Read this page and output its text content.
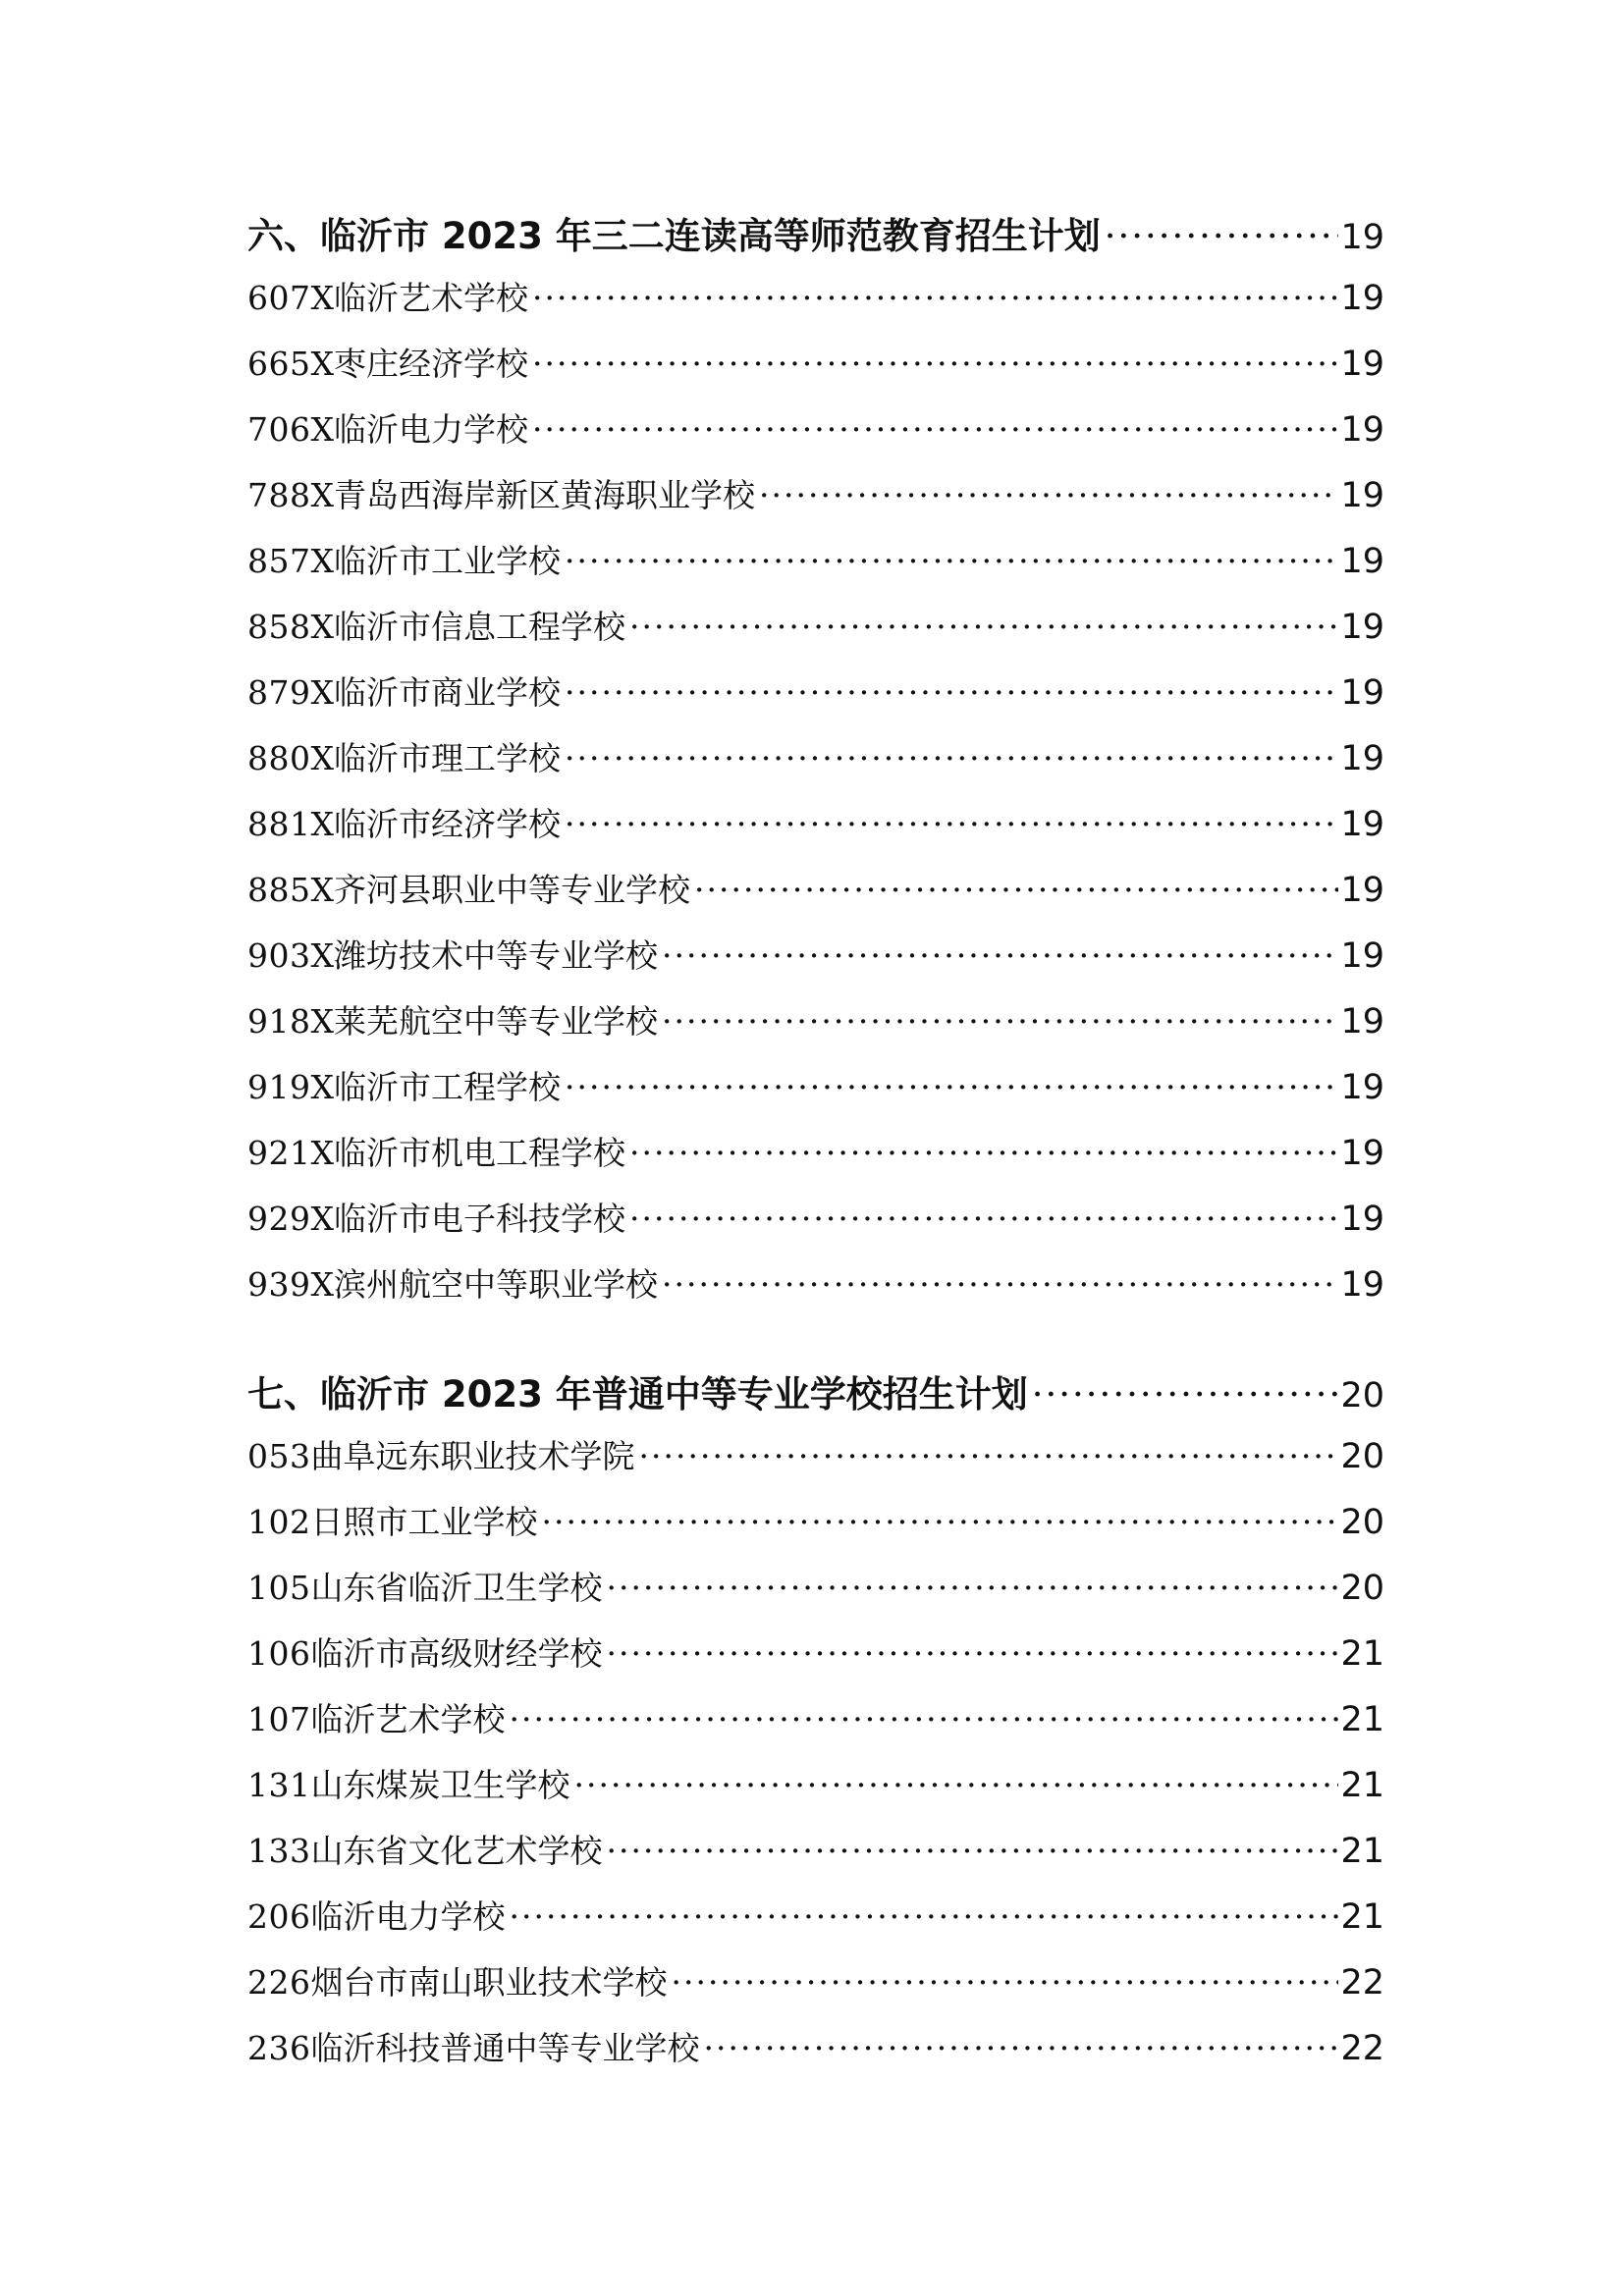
六、临沂市 2023 年三二连读高等师范教育招生计划 ·····	19
607X 临沂艺术学校 ·····	19
665X 枣庄经济学校 ·····	19
706X 临沂电力学校 ·····	19
788X 青岛西海岸新区黄海职业学校 ·····	19
857X 临沂市工业学校 ·····	19
858X 临沂市信息工程学校 ·····	19
879X 临沂市商业学校 ·····	19
880X 临沂市理工学校 ·····	19
881X 临沂市经济学校 ·····	19
885X 齐河县职业中等专业学校 ·····	19
903X 潍坊技术中等专业学校 ·····	19
918X 莱芜航空中等专业学校 ·····	19
919X 临沂市工程学校 ·····	19
921X 临沂市机电工程学校 ·····	19
929X 临沂市电子科技学校 ·····	19
939X 滨州航空中等职业学校 ·····	19
七、临沂市 2023 年普通中等专业学校招生计划 ·····	20
053 曲阜远东职业技术学院 ·····	20
102 日照市工业学校 ·····	20
105 山东省临沂卫生学校 ·····	20
106 临沂市高级财经学校 ·····	21
107 临沂艺术学校 ·····	21
131 山东煤炭卫生学校 ·····	21
133 山东省文化艺术学校 ·····	21
206 临沂电力学校 ·····	21
226 烟台市南山职业技术学校 ·····	22
236 临沂科技普通中等专业学校 ·····	22
